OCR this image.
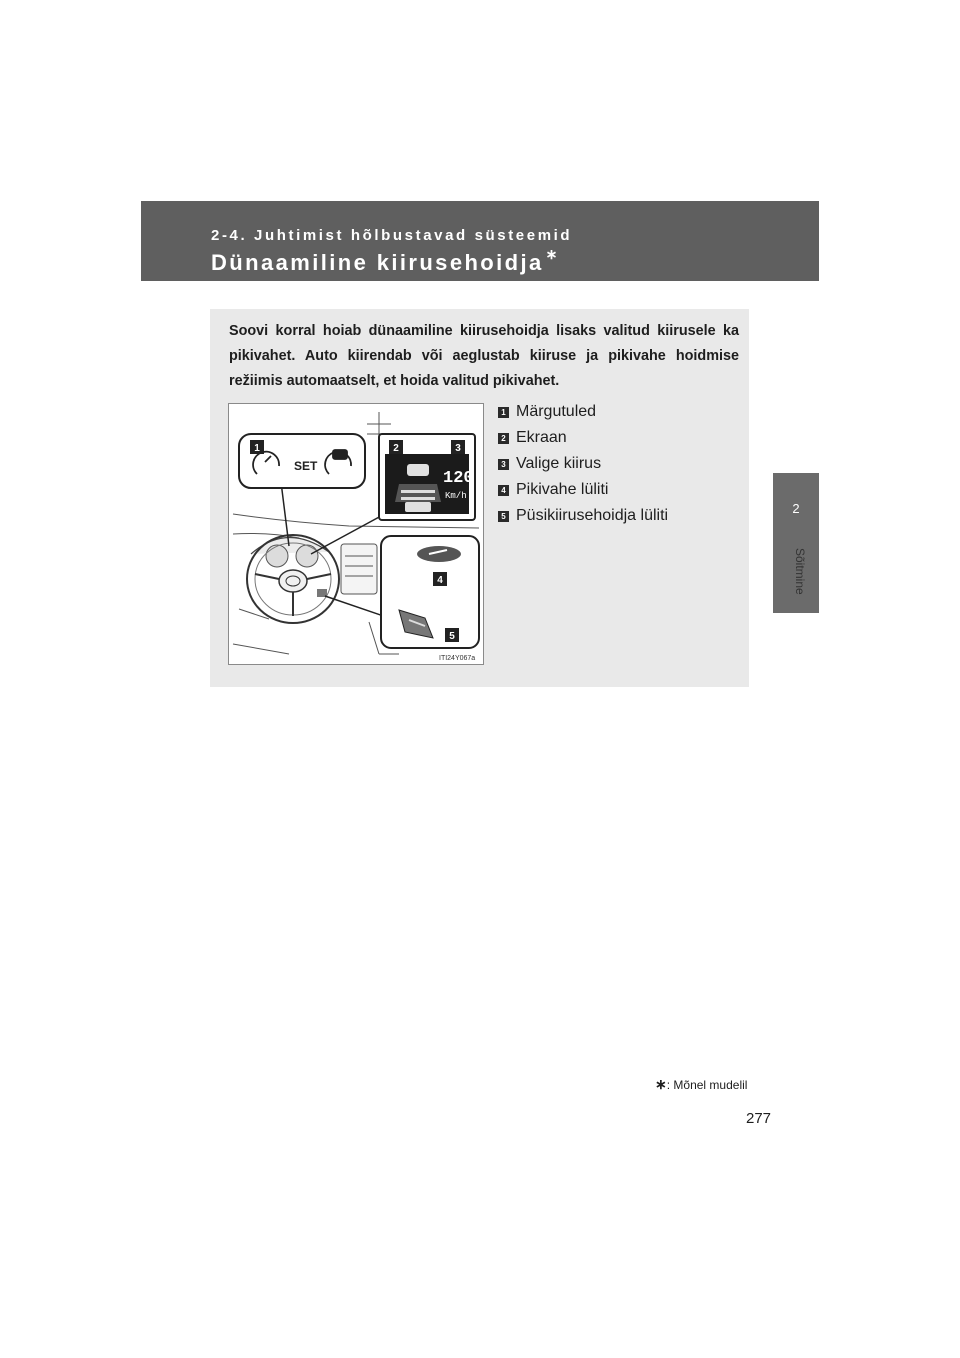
2-4. Juhtimist hõlbustavad süsteemid
Dünaamiline kiirusehoidja ∗
2
Sõitmine
Soovi korral hoiab dünaamiline kiirusehoidja lisaks valitud kiirusele ka pikivahet. Auto kiirendab või aeglustab kiiruse ja pikivahe hoidmise režiimis automaatselt, et hoida valitud pikivahet.
SET
120
Km/h
1	2	3
4
5
ITI24Y067a
1 Märgutuled
2 Ekraan
3 Valige kiirus
4 Pikivahe lüliti
5 Püsikiirusehoidja lüliti
∗: Mõnel mudelil
277
